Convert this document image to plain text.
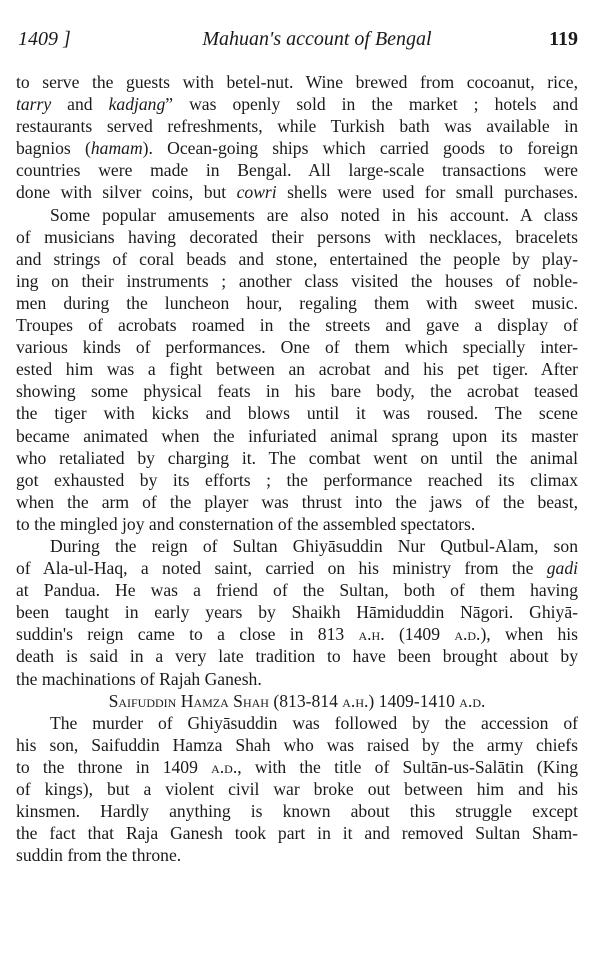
1409 ]	Mahuan's account of Bengal	119
to serve the guests with betel-nut. Wine brewed from cocoanut, rice,
tarry and kadjang” was openly sold in the market ; hotels and
restaurants served refreshments, while Turkish bath was available in
bagnios (hamam). Ocean-going ships which carried goods to foreign
countries were made in Bengal. All large-scale transactions were
done with silver coins, but cowri shells were used for small purchases.
Some popular amusements are also noted in his account. A class
of musicians having decorated their persons with necklaces, bracelets
and strings of coral beads and stone, entertained the people by play-
ing on their instruments ; another class visited the houses of noble-
men during the luncheon hour, regaling them with sweet music.
Troupes of acrobats roamed in the streets and gave a display of
various kinds of performances. One of them which specially inter-
ested him was a fight between an acrobat and his pet tiger. After
showing some physical feats in his bare body, the acrobat teased
the tiger with kicks and blows until it was roused. The scene
became animated when the infuriated animal sprang upon its master
who retaliated by charging it. The combat went on until the animal
got exhausted by its efforts ; the performance reached its climax
when the arm of the player was thrust into the jaws of the beast,
to the mingled joy and consternation of the assembled spectators.
During the reign of Sultan Ghiyāsuddin Nur Qutbul-Alam, son
of Ala-ul-Haq, a noted saint, carried on his ministry from the gadi
at Pandua. He was a friend of the Sultan, both of them having
been taught in early years by Shaikh Hāmiduddin Nāgori. Ghiyā-
suddin's reign came to a close in 813 a.h. (1409 a.d.), when his
death is said in a very late tradition to have been brought about by
the machinations of Rajah Ganesh.
Saifuddin Hamza Shah (813-814 a.h.) 1409-1410 a.d.
The murder of Ghiyāsuddin was followed by the accession of
his son, Saifuddin Hamza Shah who was raised by the army chiefs
to the throne in 1409 a.d., with the title of Sultān-us-Salātin (King
of kings), but a violent civil war broke out between him and his
kinsmen. Hardly anything is known about this struggle except
the fact that Raja Ganesh took part in it and removed Sultan Sham-
suddin from the throne.
